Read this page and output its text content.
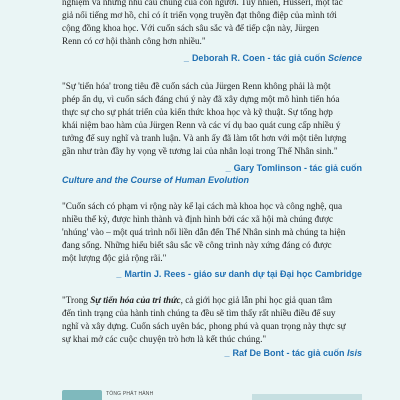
nghiệm và những nhu cầu chung của con người. Tuy nhiên, Husserl, một tác
giả nổi tiếng mơ hồ, chỉ có ít triển vọng truyền đạt thông điệp của mình tới
cộng đồng khoa học. Với cuốn sách sâu sắc và để tiếp cận này, Jürgen
Renn có cơ hội thành công hơn nhiều."

_ Deborah R. Coen - tác giả cuốn Science

"Sự 'tiến hóa' trong tiêu đề cuốn sách của Jürgen Renn không phải là một
phép ẩn dụ, vì cuốn sách đáng chú ý này đã xây dựng một mô hình tiến hóa
thực sự cho sự phát triển của kiến thức khoa học và kỹ thuật. Sự tổng hợp
khái niệm bao hàm của Jürgen Renn và các ví dụ bao quát cung cấp nhiều ý
tưởng để suy nghĩ và tranh luận. Và anh ấy đã làm tốt hơn với một tiên lượng
gần như tràn đầy hy vọng về tương lai của nhân loại trong Thế Nhân sinh."

_ Gary Tomlinson - tác giả cuốn
Culture and the Course of Human Evolution

"Cuốn sách có phạm vi rộng này kể lại cách mà khoa học và công nghệ, qua
nhiều thế kỷ, được hình thành và định hình bởi các xã hội mà chúng được
'nhúng' vào – một quá trình nối liền dẫn đến Thế Nhân sinh mà chúng ta hiện
đang sống. Những hiểu biết sâu sắc về công trình này xứng đáng có được
một lượng độc giả rộng rãi."

_ Martin J. Rees - giáo sư danh dự tại Đại học Cambridge

"Trong Sự tiến hóa của tri thức, cả giới học giả lẫn phi học giả quan tâm
đến tình trạng của hành tinh chúng ta đều sẽ tìm thấy rất nhiều điều để suy
nghĩ và xây dựng. Cuốn sách uyên bác, phong phú và quan trọng này thực sự
sự khai mở các cuộc chuyện trò hơn là kết thúc chúng."

_ Raf De Bont - tác giả cuốn Isis
TỔNG PHÁT HÀNH
